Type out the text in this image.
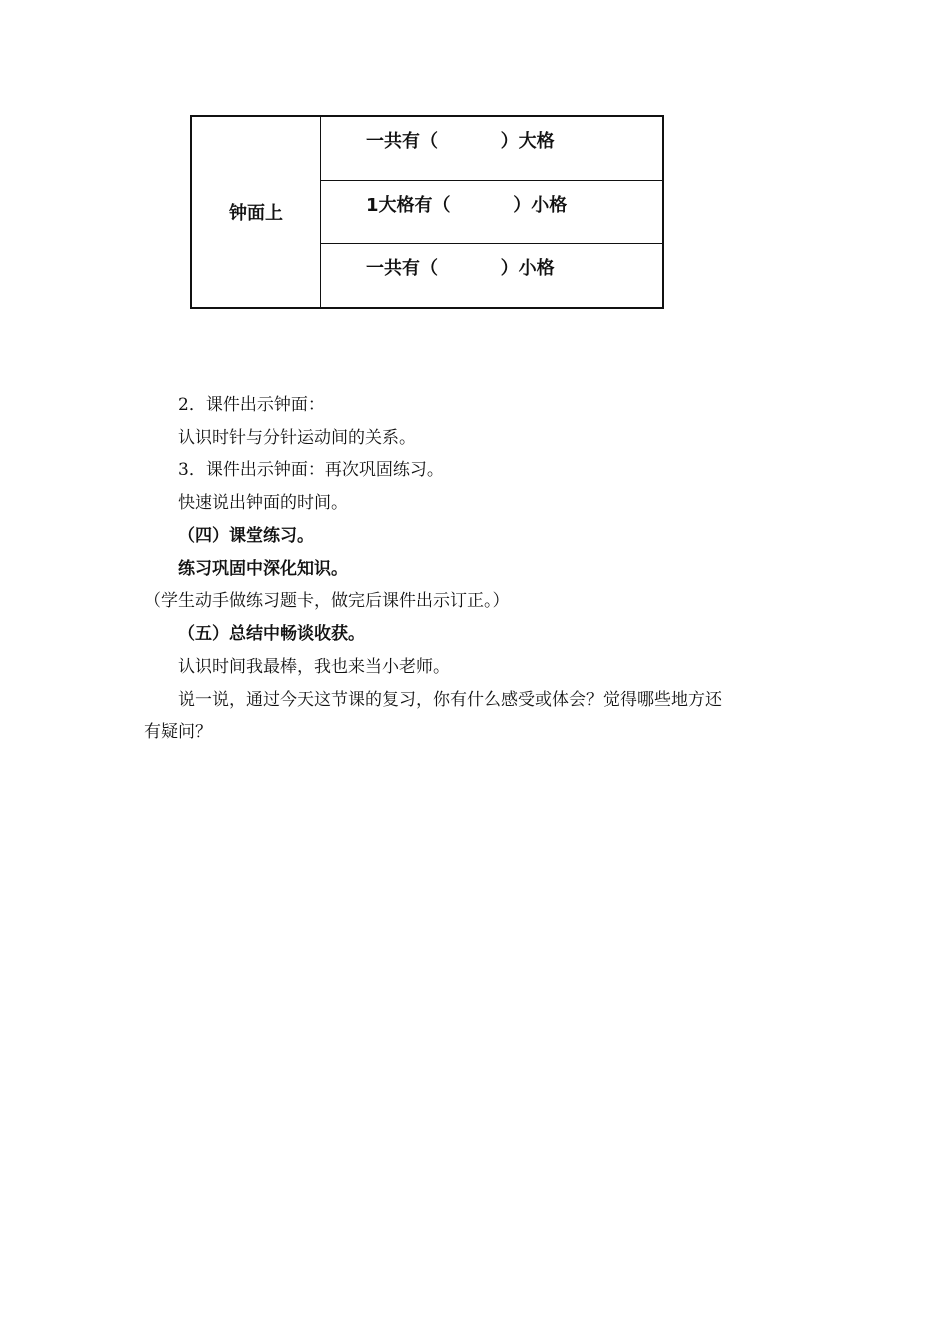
钟面上
一共有（          ）大格
1大格有（          ）小格
一共有（          ）小格
2．课件出示钟面：
认识时针与分针运动间的关系。
3．课件出示钟面：再次巩固练习。
快速说出钟面的时间。
（四）课堂练习。
练习巩固中深化知识。
（学生动手做练习题卡，做完后课件出示订正。）
（五）总结中畅谈收获。
认识时间我最棒，我也来当小老师。
说一说，通过今天这节课的复习，你有什么感受或体会？觉得哪些地方还
有疑问？
